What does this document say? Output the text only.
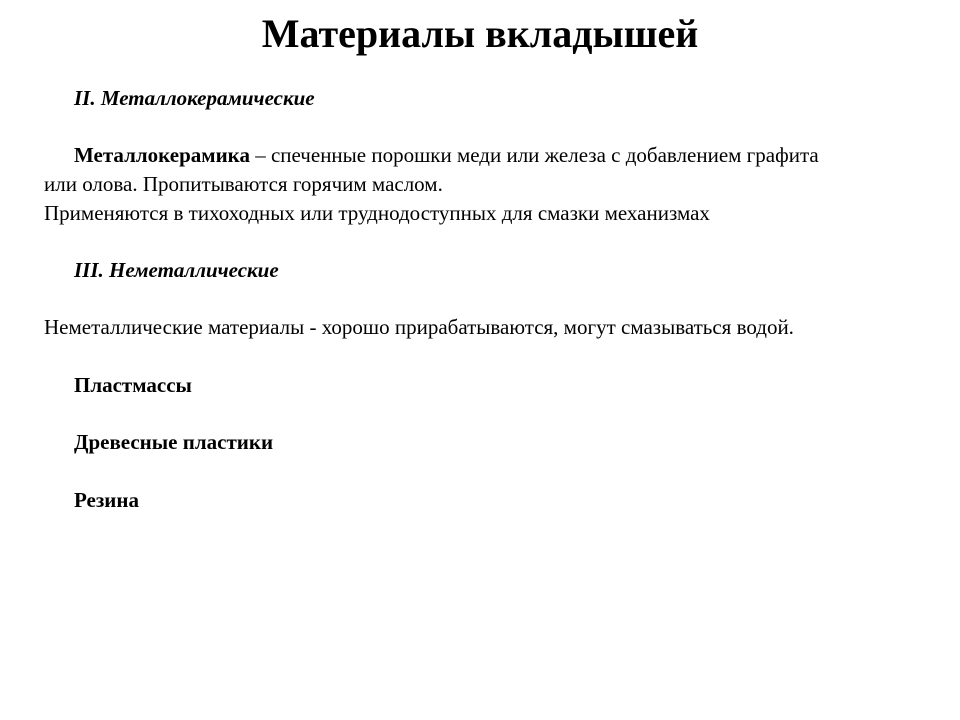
Материалы вкладышей
II. Металлокерамические
Металлокерамика – спеченные порошки меди или железа с добавлением графита
или олова. Пропитываются горячим маслом.
Применяются в тихоходных или труднодоступных для смазки механизмах
III. Неметаллические
Неметаллические материалы - хорошо прирабатываются, могут смазываться водой.
Пластмассы
Древесные пластики
Резина
